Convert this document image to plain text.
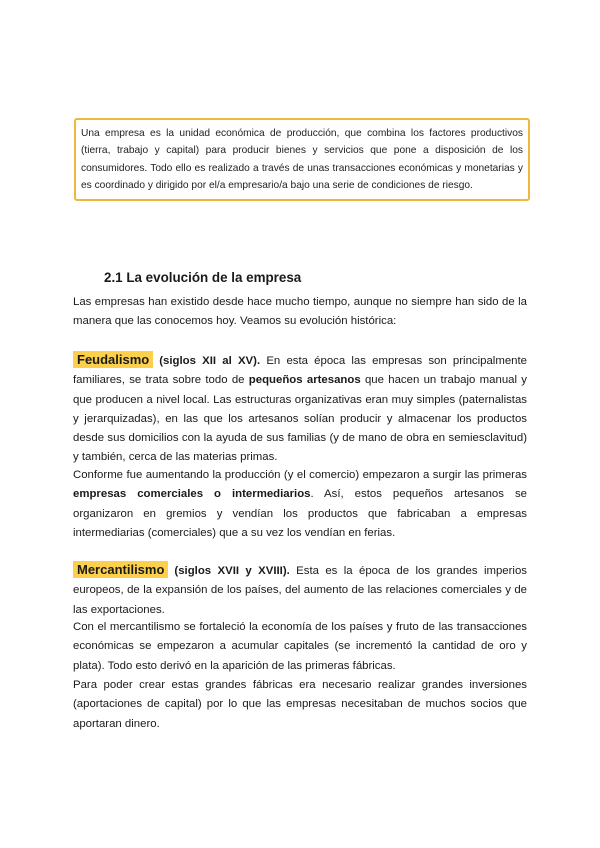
Una empresa es la unidad económica de producción, que combina los factores productivos (tierra, trabajo y capital) para producir bienes y servicios que pone a disposición de los consumidores. Todo ello es realizado a través de unas transacciones económicas y monetarias y es coordinado y dirigido por el/a empresario/a bajo una serie de condiciones de riesgo.

2.1 La evolución de la empresa

Las empresas han existido desde hace mucho tiempo, aunque no siempre han sido de la manera que las conocemos hoy. Veamos su evolución histórica:

Feudalismo (siglos XII al XV). En esta época las empresas son principalmente familiares, se trata sobre todo de pequeños artesanos que hacen un trabajo manual y que producen a nivel local. Las estructuras organizativas eran muy simples (paternalistas y jerarquizadas), en las que los artesanos solían producir y almacenar los productos desde sus domicilios con la ayuda de sus familias (y de mano de obra en semiesclavitud) y también, cerca de las materias primas.

Conforme fue aumentando la producción (y el comercio) empezaron a surgir las primeras empresas comerciales o intermediarios. Así, estos pequeños artesanos se organizaron en gremios y vendían los productos que fabricaban a empresas intermediarias (comerciales) que a su vez los vendían en ferias.

Mercantilismo (siglos XVII y XVIII). Esta es la época de los grandes imperios europeos, de la expansión de los países, del aumento de las relaciones comerciales y de las exportaciones.

Con el mercantilismo se fortaleció la economía de los países y fruto de las transacciones económicas se empezaron a acumular capitales (se incrementó la cantidad de oro y plata). Todo esto derivó en la aparición de las primeras fábricas.

Para poder crear estas grandes fábricas era necesario realizar grandes inversiones (aportaciones de capital) por lo que las empresas necesitaban de muchos socios que aportaran dinero.
